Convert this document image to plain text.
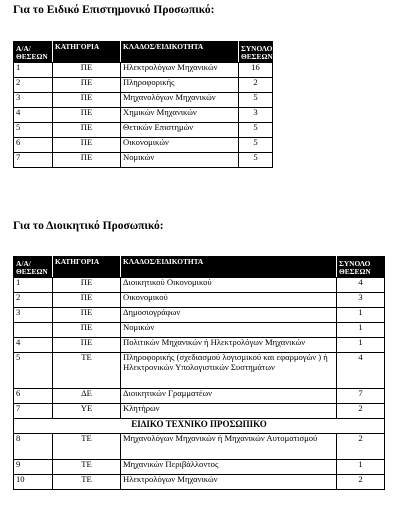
Για το Ειδικό Επιστημονικό Προσωπικό:
Α/Α/ ΘΕΣΕΩΝ	ΚΑΤΗΓΟΡΙΑ	ΚΛΑΔΟΣ/ΕΙΔΙΚΟΤΗΤΑ	ΣΥΝΟΛΟ ΘΕΣΕΩΝ
1	ΠΕ	Ηλεκτρολόγων Μηχανικών	16
2	ΠΕ	Πληροφορικής	2
3	ΠΕ	Μηχανολόγων Μηχανικών	5
4	ΠΕ	Χημικών Μηχανικών	3
5	ΠΕ	Θετικών Επιστημών	5
6	ΠΕ	Οικονομικών	5
7	ΠΕ	Νομικών	5
Για το Διοικητικό Προσωπικό:
Α/Α/ ΘΕΣΕΩΝ	ΚΑΤΗΓΟΡΙΑ	ΚΛΑΔΟΣ/ΕΙΔΙΚΟΤΗΤΑ	ΣΥΝΟΛΟ ΘΕΣΕΩΝ
1	ΠΕ	Διοικητικού Οικονομικού	4
2	ΠΕ	Οικονομικού	3
3	ΠΕ	Δημοσιογράφων	1
	ΠΕ	Νομικών	1
4	ΠΕ	Πολιτικών Μηχανικών ή Ηλεκτρολόγων Μηχανικών	1
5	ΤΕ	Πληροφορικής (σχεδιασμού λογισμικού και εφαρμογών ) ή Ηλεκτρονικών Υπολογιστικών Συστημάτων	4
6	ΔΕ	Διοικητικών Γραμματέων	7
7	ΥΕ	Κλητήρων	2
ΕΙΔΙΚΟ ΤΕΧΝΙΚΟ ΠΡΟΣΩΠΙΚΟ			
8	ΤΕ	Μηχανολόγων Μηχανικών ή Μηχανικών Αυτοματισμού	2
9	ΤΕ	Μηχανικών Περιβάλλοντος	1
10	ΤΕ	Ηλεκτρολόγων Μηχανικών	2
